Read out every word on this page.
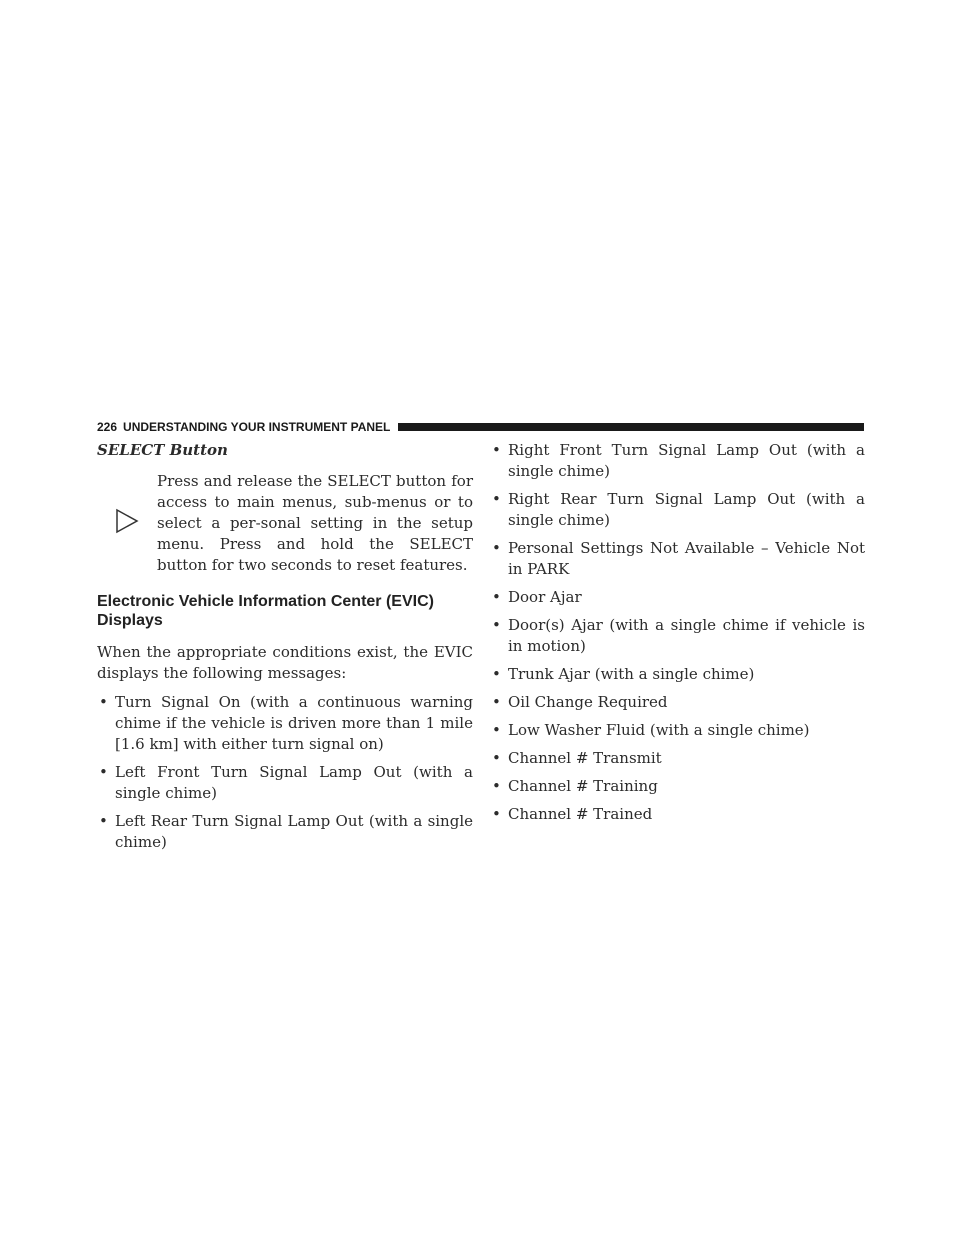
226 UNDERSTANDING YOUR INSTRUMENT PANEL
SELECT Button

Press and release the SELECT button for access to main menus, sub-menus or to select a per-sonal setting in the setup menu. Press and hold the SELECT button for two seconds to reset features.

Electronic Vehicle Information Center (EVIC) Displays

When the appropriate conditions exist, the EVIC displays the following messages:

• Turn Signal On (with a continuous warning chime if the vehicle is driven more than 1 mile [1.6 km] with either turn signal on)
• Left Front Turn Signal Lamp Out (with a single chime)
• Left Rear Turn Signal Lamp Out (with a single chime)
• Right Front Turn Signal Lamp Out (with a single chime)
• Right Rear Turn Signal Lamp Out (with a single chime)
• Personal Settings Not Available – Vehicle Not in PARK
• Door Ajar
• Door(s) Ajar (with a single chime if vehicle is in motion)
• Trunk Ajar (with a single chime)
• Oil Change Required
• Low Washer Fluid (with a single chime)
• Channel # Transmit
• Channel # Training
• Channel # Trained
